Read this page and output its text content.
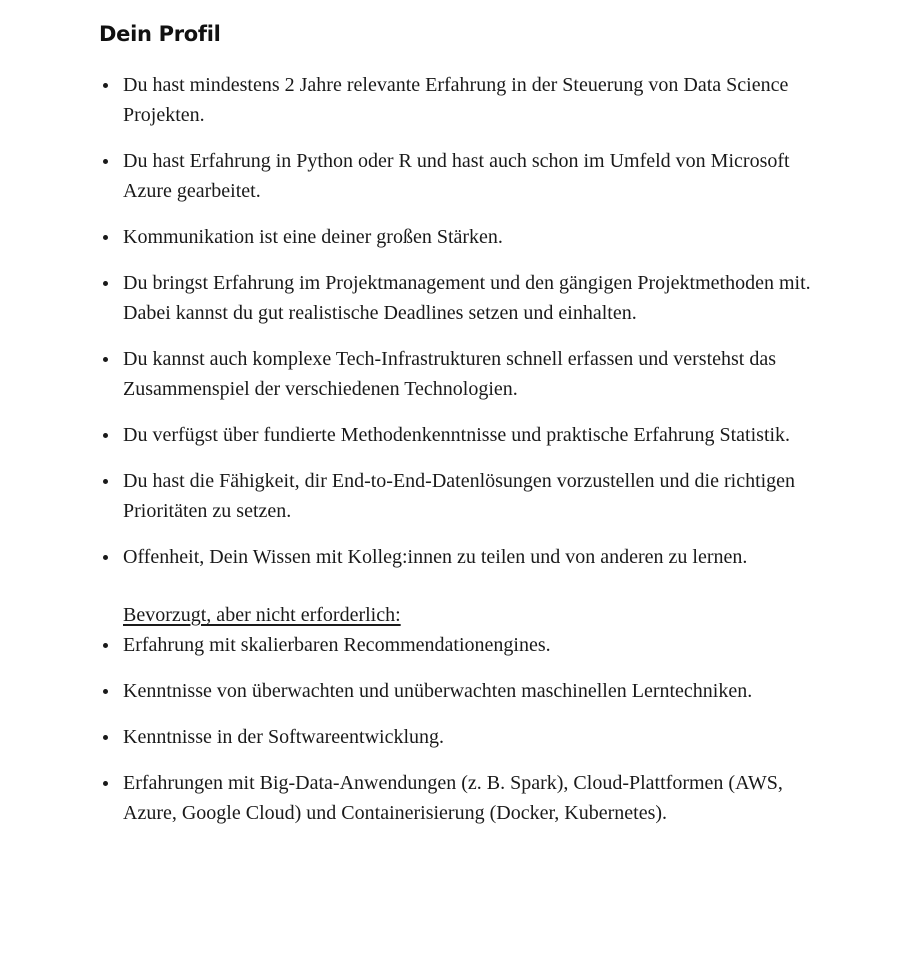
Dein Profil
Du hast mindestens 2 Jahre relevante Erfahrung in der Steuerung von Data Science Projekten.
Du hast Erfahrung in Python oder R und hast auch schon im Umfeld von Microsoft Azure gearbeitet.
Kommunikation ist eine deiner großen Stärken.
Du bringst Erfahrung im Projektmanagement und den gängigen Projektmethoden mit. Dabei kannst du gut realistische Deadlines setzen und einhalten.
Du kannst auch komplexe Tech-Infrastrukturen schnell erfassen und verstehst das Zusammenspiel der verschiedenen Technologien.
Du verfügst über fundierte Methodenkenntnisse und praktische Erfahrung Statistik.
Du hast die Fähigkeit, dir End-to-End-Datenlösungen vorzustellen und die richtigen Prioritäten zu setzen.
Offenheit, Dein Wissen mit Kolleg:innen zu teilen und von anderen zu lernen.
Bevorzugt, aber nicht erforderlich:
Erfahrung mit skalierbaren Recommendationengines.
Kenntnisse von überwachten und unüberwachten maschinellen Lerntechniken.
Kenntnisse in der Softwareentwicklung.
Erfahrungen mit Big-Data-Anwendungen (z. B. Spark), Cloud-Plattformen (AWS, Azure, Google Cloud) und Containerisierung (Docker, Kubernetes).
